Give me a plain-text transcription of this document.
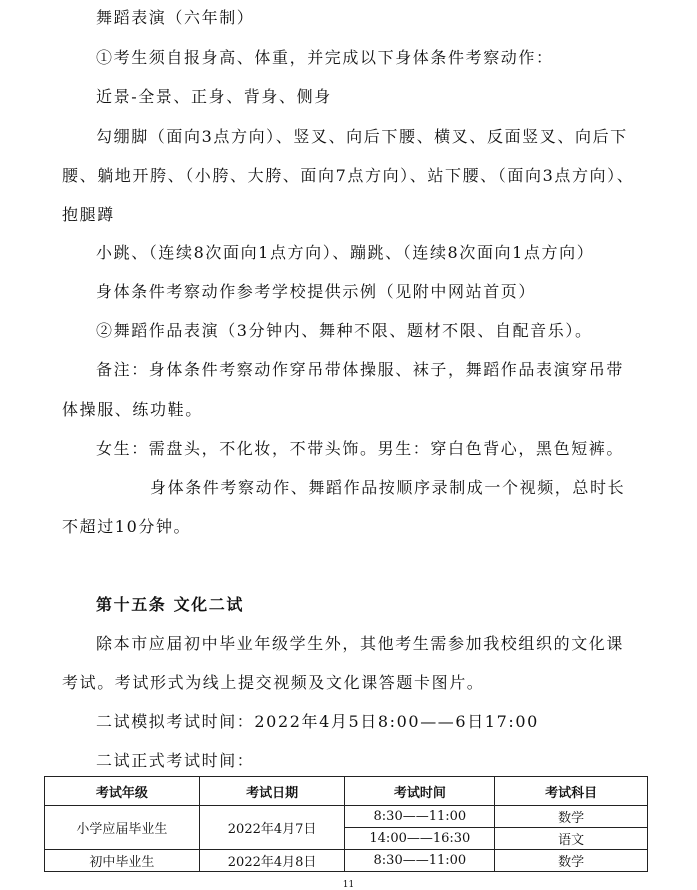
舞蹈表演（六年制）
①考生须自报身高、体重，并完成以下身体条件考察动作：
近景-全景、正身、背身、侧身
勾绷脚（面向3点方向）、竖叉、向后下腰、横叉、反面竖叉、向后下
腰、躺地开胯、（小胯、大胯、面向7点方向）、站下腰、（面向3点方向）、
抱腿蹲
小跳、（连续8次面向1点方向）、蹦跳、（连续8次面向1点方向）
身体条件考察动作参考学校提供示例（见附中网站首页）
②舞蹈作品表演（3分钟内、舞种不限、题材不限、自配音乐）。
备注：身体条件考察动作穿吊带体操服、袜子，舞蹈作品表演穿吊带
体操服、练功鞋。
女生：需盘头，不化妆，不带头饰。男生：穿白色背心，黑色短裤。
身体条件考察动作、舞蹈作品按顺序录制成一个视频，总时长
不超过10分钟。
第十五条 文化二试
除本市应届初中毕业年级学生外，其他考生需参加我校组织的文化课
考试。考试形式为线上提交视频及文化课答题卡图片。
二试模拟考试时间：2022年4月5日8:00——6日17:00
二试正式考试时间：
考试年级	考试日期	考试时间	考试科目
小学应届毕业生	2022年4月7日	8:30——11:00	数学
		14:00——16:30	语文
初中毕业生	2022年4月8日	8:30——11:00	数学
11
